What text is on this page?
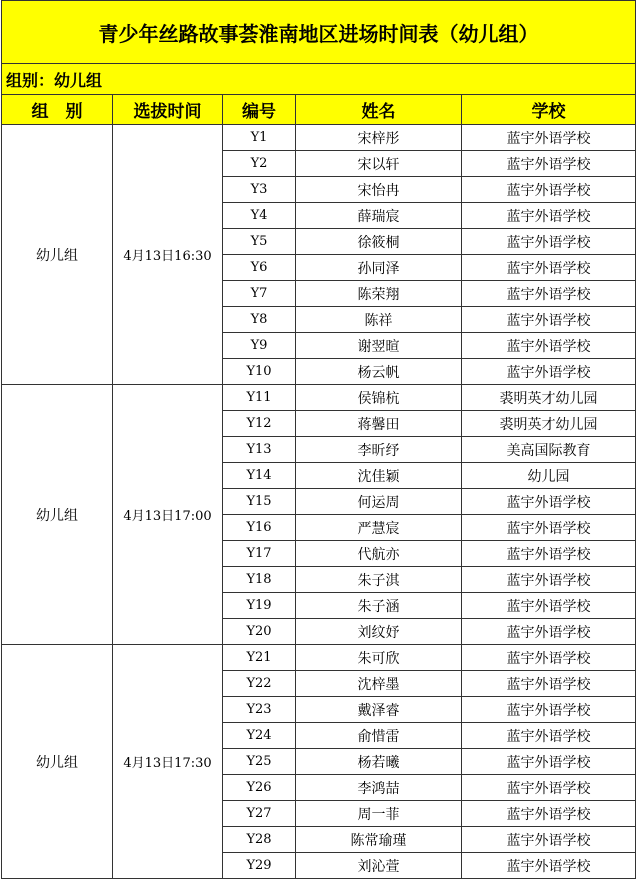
青少年丝路故事荟淮南地区进场时间表（幼儿组）				
组别：幼儿组				
组　别	选拔时间	编号	姓名	学校
幼儿组	4月13日16:30	Y1	宋梓彤	蓝宇外语学校
		Y2	宋以轩	蓝宇外语学校
		Y3	宋怡冉	蓝宇外语学校
		Y4	薛瑞宸	蓝宇外语学校
		Y5	徐筱桐	蓝宇外语学校
		Y6	孙同泽	蓝宇外语学校
		Y7	陈荣翔	蓝宇外语学校
		Y8	陈祥	蓝宇外语学校
		Y9	谢翌暄	蓝宇外语学校
		Y10	杨云帆	蓝宇外语学校
幼儿组	4月13日17:00	Y11	侯锦杭	裘明英才幼儿园
		Y12	蒋馨田	裘明英才幼儿园
		Y13	李昕纾	美高国际教育
		Y14	沈佳颖	幼儿园
		Y15	何运周	蓝宇外语学校
		Y16	严慧宸	蓝宇外语学校
		Y17	代航亦	蓝宇外语学校
		Y18	朱子淇	蓝宇外语学校
		Y19	朱子涵	蓝宇外语学校
		Y20	刘纹妤	蓝宇外语学校
幼儿组	4月13日17:30	Y21	朱可欣	蓝宇外语学校
		Y22	沈梓墨	蓝宇外语学校
		Y23	戴泽睿	蓝宇外语学校
		Y24	俞惜雷	蓝宇外语学校
		Y25	杨若曦	蓝宇外语学校
		Y26	李鸿喆	蓝宇外语学校
		Y27	周一菲	蓝宇外语学校
		Y28	陈常瑜瑾	蓝宇外语学校
		Y29	刘沁萱	蓝宇外语学校
